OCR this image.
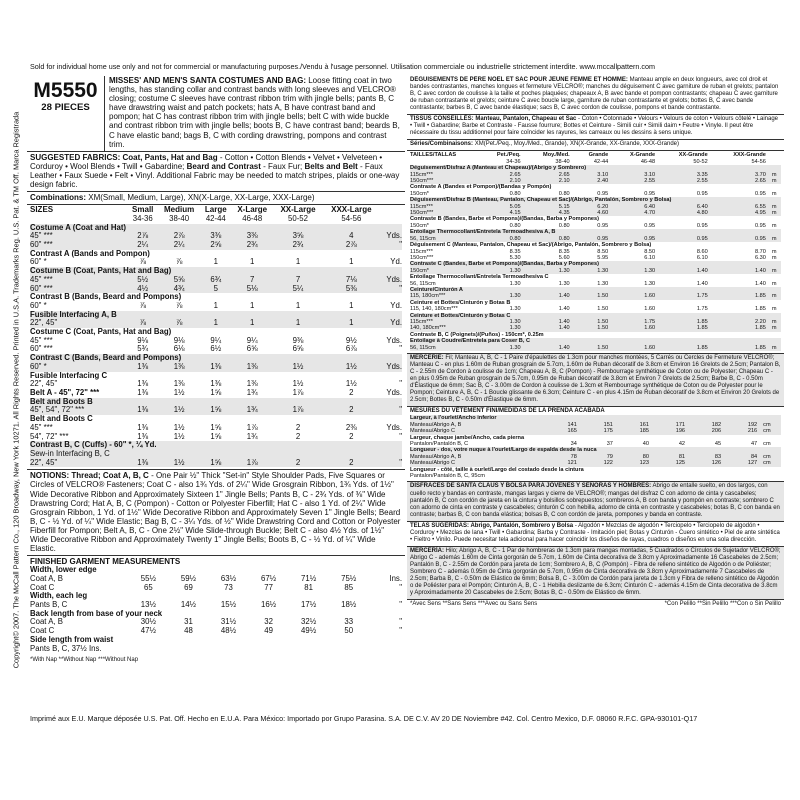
Sold for individual home use only and not for commercial or manufacturing purposes./Vendu à l'usage personnel. Utilisation commerciale ou industrielle strictement interdite. www.mccallpattern.com
Copyright© 2007. The McCall Pattern Co., 120 Broadway, New York 10271. All Rights Reserved. Printed in U.S.A. Trademarks Reg. U.S. Pat. & TM Off. Marca Registrada
M5550
28 PIECES
MISSES' AND MEN'S SANTA COSTUMES AND BAG: Loose fitting coat in two lengths, has standing collar and contrast bands with long sleeves and VELCRO® closing; costume C sleeves have contrast ribbon trim with jingle bells; pants B, C have drawstring waist and patch pockets; hats A, B have contrast band and pompon; hat C has contrast ribbon trim with jingle bells; belt C with wide buckle and contrast ribbon trim with jingle bells; boots B, C have contrast band; beards B, C have elastic band; bags B, C with cording drawstring, pompons and contrast trim.
SUGGESTED FABRICS: Coat, Pants, Hat and Bag - Cotton • Cotton Blends • Velvet • Velveteen • Corduroy • Wool Blends • Twill • Gabardine; Beard and Contrast - Faux Fur; Belts and Belt - Faux Leather • Faux Suede • Felt • Vinyl. Additional Fabric may be needed to match stripes, plaids or one-way design fabric.
Combinations: XM(Small, Medium, Large), XN(X-Large, XX-Large, XXX-Large)
SIZES	Small	Medium	Large	X-Large	XX-Large	XXX-Large	
	34-36	38-40	42-44	46-48	50-52	54-56	
Costume A (Coat and Hat)							
45" ***	2⅞	2⅞	3⅜	3⅜	3⅝	4	Yds.
60" ***	2¼	2¼	2⅝	2¾	2¾	2⅞	"
Contrast A (Bands and Pompon)							
60" *	⅞	⅞	1	1	1	1	Yd.
Costume B (Coat, Pants, Hat and Bag)							
45" ***	5½	5⅝	6¾	7	7	7⅛	Yds.
60" ***	4½	4¾	5	5⅛	5¼	5⅜	"
Contrast B (Bands, Beard and Pompons)							
60" *	⅞	⅞	1	1	1	1	Yd.
Fusible Interfacing A, B							
22", 45"	⅞	⅞	1	1	1	1	Yd.
Costume C (Coat, Pants, Hat and Bag)							
45" ***	9⅛	9⅛	9¼	9¼	9⅜	9½	Yds.
60" ***	5¾	6⅛	6½	6⅝	6⅝	6⅞	"
Contrast C (Bands, Beard and Pompons)							
60" *	1⅜	1⅜	1⅜	1⅜	1½	1½	Yds.
Fusible Interfacing C							
22", 45"	1⅜	1⅜	1⅜	1⅜	1½	1½	"
Belt A - 45", 72" ***	1⅜	1½	1⅝	1¾	1⅞	2	Yds.
Belt and Boots B							
45", 54", 72" ***	1⅜	1½	1⅝	1¾	1⅞	2	"
Belt and Boots C							
45" ***	1⅜	1½	1⅝	1⅞	2	2⅜	Yds.
54", 72" ***	1⅜	1½	1⅝	1¾	2	2	"
Contrast B, C (Cuffs) - 60" *, ¼ Yd.							
Sew-in Interfacing B, C							
22", 45"	1⅜	1½	1⅝	1⅞	2	2	"
NOTIONS: Thread; Coat A, B, C - One Pair ½" Thick "Set-in" Style Shoulder Pads, Five Squares or Circles of VELCRO® Fasteners; Coat C - also 1¾ Yds. of 2¼" Wide Grosgrain Ribbon, 1¾ Yds. of 1½" Wide Decorative Ribbon and Approximately Sixteen 1" Jingle Bells; Pants B, C - 2¾ Yds. of ⅜" Wide Drawstring Cord; Hat A, B, C (Pompon) - Cotton or Polyester Fiberfill; Hat C - also 1 Yd. of 2¼" Wide Grosgrain Ribbon, 1 Yd. of 1½" Wide Decorative Ribbon and Approximately Seven 1" Jingle Bells; Beard B, C - ½ Yd. of ¼" Wide Elastic; Bag B, C - 3¼ Yds. of ½" Wide Drawstring Cord and Cotton or Polyester Fiberfill for Pompon; Belt A, B, C - One 2½" Wide Slide-through Buckle; Belt C - also 4½ Yds. of 1½" Wide Decorative Ribbon and Approximately Twenty 1" Jingle Bells; Boots B, C - ½ Yd. of ¼" Wide Elastic.
FINISHED GARMENT MEASUREMENTS
Width, lower edge							
Coat A, B	55½	59½	63½	67½	71½	75½	Ins.
Coat C	65	69	73	77	81	85	"
Width, each leg							
Pants B, C	13½	14½	15½	16½	17½	18½	"
Back length from base of your neck							
Coat A, B	30½	31	31½	32	32½	33	"
Coat C	47½	48	48½	49	49½	50	"
Side length from waist							
Pants B, C, 37½ Ins.							
*With Nap **Without Nap ***Without Nap
DÉGUISEMENTS DE PÈRE NOËL ET SAC POUR JEUNE FEMME ET HOMME: Manteau ample en deux longueurs, avec col droit et bandes contrastantes, manches longues et fermeture VELCRO®; manches du déguisement C avec garniture de ruban et grelots; pantalon B, C avec cordon de coulisse à la taille et poches plaquées; chapeaux A, B avec bande et pompon contrastants; chapeau C avec garniture de ruban contrastante et grelots; ceinture C avec boucle large, garniture de ruban contrastante et grelots; bottes B, C avec bande contrastante; barbes B, C avec bande élastique; sacs B, C avec cordon de coulisse, pompons et bande contrastante.
TISSUS CONSEILLÉS: Manteau, Pantalon, Chapeau et Sac - Coton • Cotonnade • Velours • Velours de coton • Velours côtelé • Lainage • Twill • Gabardine; Barbe et Contraste - Fausse fourrure; Bottes et Ceinture - Simili cuir • Simili daim • Feutre • Vinyle. Il peut être nécessaire du tissu additionnel pour faire coïncider les rayures, les carreaux ou les dessins à sens unique.
Séries/Combinaisons: XM(Pet./Peq., Moy./Med., Grande), XN(X-Grande, XX-Grande, XXX-Grande)
TAILLES/TALLAS	Pet./Peq.	Moy./Med.	Grande	X-Grande	XX-Grande	XXX-Grande	
	34-36	38-40	42-44	46-48	50-52	54-56	
Déguisement/Disfraz A (Manteau et Chapeau)/(Abrigo y Sombrero)							
115cm***	2.65	2.65	3.10	3.10	3.35	3.70	m
150cm***	2.10	2.10	2.40	2.55	2.55	2.65	m
Contraste A (Bandes et Pompon)/(Bandas y Pompón)							
150cm*	0.80	0.80	0.95	0.95	0.95	0.95	m
Déguisement/Disfraz B (Manteau, Pantalon, Chapeau et Sac)/(Abrigo, Pantalón, Sombrero y Bolsa)							
115cm***	5.05	5.15	6.20	6.40	6.40	6.55	m
150cm***	4.15	4.35	4.60	4.70	4.80	4.95	m
Contraste B (Bandes, Barbe et Pompons)/(Bandas, Barba y Pompones)							
150cm*	0.80	0.80	0.95	0.95	0.95	0.95	m
Entoilage Thermocollant/Entretela Termoadhesiva A, B							
56, 115cm	0.80	0.80	0.95	0.95	0.95	0.95	m
Déguisement C (Manteau, Pantalon, Chapeau et Sac)/(Abrigo, Pantalón, Sombrero y Bolsa)							
115cm***	8.35	8.35	8.50	8.50	8.60	8.70	m
150cm***	5.30	5.60	5.95	6.10	6.10	6.30	m
Contraste C (Bandes, Barbe et Pompons)/(Bandas, Barba y Pompones)							
150cm*	1.30	1.30	1.30	1.30	1.40	1.40	m
Entoilage Thermocollant/Entretela Termoadhesiva C							
56, 115cm	1.30	1.30	1.30	1.30	1.40	1.40	m
Ceinture/Cinturón A							
115, 180cm***	1.30	1.40	1.50	1.60	1.75	1.85	m
Ceinture et Bottes/Cinturón y Botas B							
115, 140, 180cm***	1.30	1.40	1.50	1.60	1.75	1.85	m
Ceinture et Bottes/Cinturón y Botas C							
115cm***	1.30	1.40	1.50	1.75	1.85	2.20	m
140, 180cm***	1.30	1.40	1.50	1.60	1.85	1.85	m
Contraste B, C (Poignets)/(Puños) - 150cm*, 0.25m							
Entoilage à Coudre/Entretela para Coser B, C							
56, 115cm	1.30	1.40	1.50	1.60	1.85	1.85	m
MERCERIE: Fil; Manteau A, B, C - 1 Paire d'épaulettes de 1.3cm pour manches montées, 5 Carrés ou Cercles de Fermeture VELCRO®; Manteau C - en plus 1.60m de Ruban grosgrain de 5.7cm, 1.60m de Ruban décoratif de 3.8cm et Environ 16 Grelots de 2.5cm; Pantalon B, C - 2.55m de Cordon à coulisse de 1cm; Chapeau A, B, C (Pompon) - Rembourrage synthétique de Coton ou de Polyester; Chapeau C - en plus 0.95m de Ruban grosgrain de 5.7cm, 0.95m de Ruban décoratif de 3.8cm et Environ 7 Grelots de 2.5cm; Barbe B, C - 0.50m d'Élastique de 6mm; Sac B, C - 3.00m de Cordon à coulisse de 1.3cm et Rembourrage synthétique de Coton ou de Polyester pour le Pompon; Ceinture A, B, C - 1 Boucle glissante de 6.3cm; Ceinture C - en plus 4.15m de Ruban décoratif de 3.8cm et Environ 20 Grelots de 2.5cm; Bottes B, C - 0.50m d'Élastique de 6mm.
MESURES DU VÊTEMENT FINI/MEDIDAS DE LA PRENDA ACABADA
Largeur, à l'ourlet/Ancho inferior							
Manteau/Abrigo A, B	141	151	161	171	182	192	cm
Manteau/Abrigo C	165	175	185	196	206	216	cm
Largeur, chaque jambe/Ancho, cada pierna							
Pantalon/Pantalón B, C	34	37	40	42	45	47	cm
Longueur - dos, votre nuque à l'ourlet/Largo de espalda desde la nuca							
Manteau/Abrigo A, B	78	79	80	81	83	84	cm
Manteau/Abrigo C	121	122	123	125	126	127	cm
Longueur - côté, taille à ourlet/Largo del costado desde la cintura							
Pantalon/Pantalón B, C, 95cm							
DISFRACES DE SANTA CLAUS Y BOLSA PARA JÓVENES Y SEÑORAS Y HOMBRES: Abrigo de entalle suelto, en dos largos, con cuello recto y bandas en contraste, mangas largas y cierre de VELCRO®; mangas del disfraz C con adorno de cinta y cascabeles; pantalón B, C con cordón de jareta en la cintura y bolsillos sobrepuestos; sombreros A, B con banda y pompón en contraste; sombrero C con adorno de cinta en contraste y cascabeles; cinturón C con hebilla, adorno de cinta en contraste y cascabeles; botas B, C con banda en contraste; barbas B, C con banda elástica; bolsas B, C con cordón de jareta, pompones y banda en contraste.
TELAS SUGERIDAS: Abrigo, Pantalón, Sombrero y Bolsa - Algodón • Mezclas de algodón • Terciopelo • Terciopelo de algodón • Corduroy • Mezclas de lana • Twill • Gabardina; Barba y Contraste - Imitación piel; Botas y Cinturón - Cuero sintético • Piel de ante sintética • Fieltro • Vinilo. Puede necesitar tela adicional para hacer coincidir los diseños de rayas, cuadros o diseños en una sola dirección.
MERCERÍA: Hilo; Abrigo A, B, C - 1 Par de hombreras de 1.3cm para mangas montadas, 5 Cuadrados o Círculos de Sujetador VELCRO®; Abrigo C - además 1.60m de Cinta gorgorán de 5.7cm, 1.60m de Cinta decorativa de 3.8cm y Aproximadamente 16 Cascabeles de 2.5cm; Pantalón B, C - 2.55m de Cordón para jareta de 1cm; Sombrero A, B, C (Pompón) - Fibra de relleno sintético de Algodón o de Poliéster; Sombrero C - además 0.95m de Cinta gorgorán de 5.7cm, 0.95m de Cinta decorativa de 3.8cm y Aproximadamente 7 Cascabeles de 2.5cm; Barba B, C - 0.50m de Elástico de 6mm; Bolsa B, C - 3.00m de Cordón para jareta de 1.3cm y Fibra de relleno sintético de Algodón o de Poliéster para el Pompón; Cinturón A, B, C - 1 Hebilla deslizante de 6.3cm; Cinturón C - además 4.15m de Cinta decorativa de 3.8cm y Aproximadamente 20 Cascabeles de 2.5cm; Botas B, C - 0.50m de Elástico de 6mm.
*Avec Sens **Sans Sens ***Avec ou Sans Sens	*Con Pelillo **Sin Pelillo ***Con o Sin Pelillo
Imprimé aux E.U. Marque déposée U.S. Pat. Off. Hecho en E.U.A. Para México: Importado por Grupo Parasina. S.A. DE C.V. AV 20 DE Noviembre #42. Col. Centro Mexico, D.F. 08060 R.F.C. GPA-930101-Q17
